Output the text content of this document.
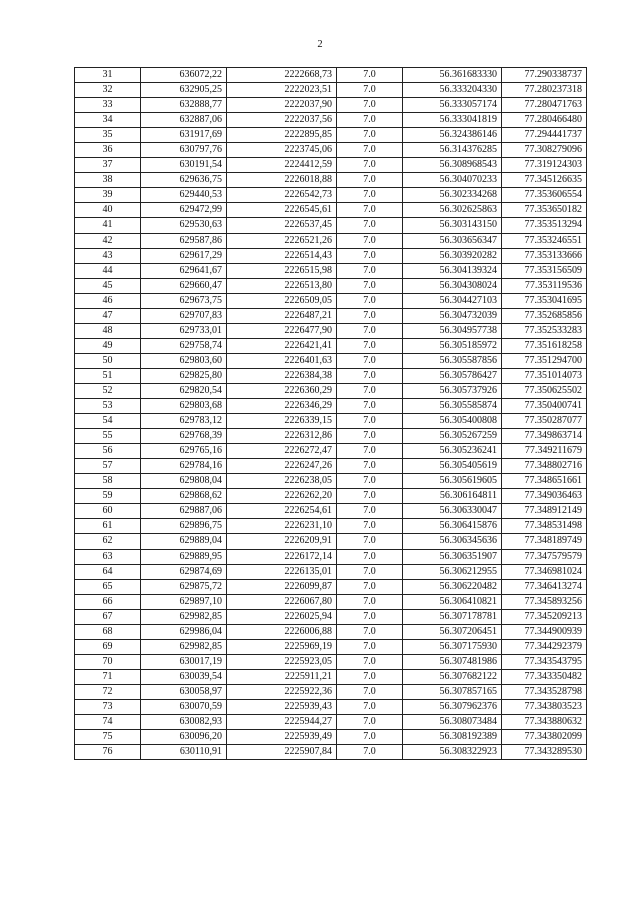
2
31	636072,22	2222668,73	7.0	56.361683330	77.290338737
32	632905,25	2222023,51	7.0	56.333204330	77.280237318
33	632888,77	2222037,90	7.0	56.333057174	77.280471763
34	632887,06	2222037,56	7.0	56.333041819	77.280466480
35	631917,69	2222895,85	7.0	56.324386146	77.294441737
36	630797,76	2223745,06	7.0	56.314376285	77.308279096
37	630191,54	2224412,59	7.0	56.308968543	77.319124303
38	629636,75	2226018,88	7.0	56.304070233	77.345126635
39	629440,53	2226542,73	7.0	56.302334268	77.353606554
40	629472,99	2226545,61	7.0	56.302625863	77.353650182
41	629530,63	2226537,45	7.0	56.303143150	77.353513294
42	629587,86	2226521,26	7.0	56.303656347	77.353246551
43	629617,29	2226514,43	7.0	56.303920282	77.353133666
44	629641,67	2226515,98	7.0	56.304139324	77.353156509
45	629660,47	2226513,80	7.0	56.304308024	77.353119536
46	629673,75	2226509,05	7.0	56.304427103	77.353041695
47	629707,83	2226487,21	7.0	56.304732039	77.352685856
48	629733,01	2226477,90	7.0	56.304957738	77.352533283
49	629758,74	2226421,41	7.0	56.305185972	77.351618258
50	629803,60	2226401,63	7.0	56.305587856	77.351294700
51	629825,80	2226384,38	7.0	56.305786427	77.351014073
52	629820,54	2226360,29	7.0	56.305737926	77.350625502
53	629803,68	2226346,29	7.0	56.305585874	77.350400741
54	629783,12	2226339,15	7.0	56.305400808	77.350287077
55	629768,39	2226312,86	7.0	56.305267259	77.349863714
56	629765,16	2226272,47	7.0	56.305236241	77.349211679
57	629784,16	2226247,26	7.0	56.305405619	77.348802716
58	629808,04	2226238,05	7.0	56.305619605	77.348651661
59	629868,62	2226262,20	7.0	56.306164811	77.349036463
60	629887,06	2226254,61	7.0	56.306330047	77.348912149
61	629896,75	2226231,10	7.0	56.306415876	77.348531498
62	629889,04	2226209,91	7.0	56.306345636	77.348189749
63	629889,95	2226172,14	7.0	56.306351907	77.347579579
64	629874,69	2226135,01	7.0	56.306212955	77.346981024
65	629875,72	2226099,87	7.0	56.306220482	77.346413274
66	629897,10	2226067,80	7.0	56.306410821	77.345893256
67	629982,85	2226025,94	7.0	56.307178781	77.345209213
68	629986,04	2226006,88	7.0	56.307206451	77.344900939
69	629982,85	2225969,19	7.0	56.307175930	77.344292379
70	630017,19	2225923,05	7.0	56.307481986	77.343543795
71	630039,54	2225911,21	7.0	56.307682122	77.343350482
72	630058,97	2225922,36	7.0	56.307857165	77.343528798
73	630070,59	2225939,43	7.0	56.307962376	77.343803523
74	630082,93	2225944,27	7.0	56.308073484	77.343880632
75	630096,20	2225939,49	7.0	56.308192389	77.343802099
76	630110,91	2225907,84	7.0	56.308322923	77.343289530
